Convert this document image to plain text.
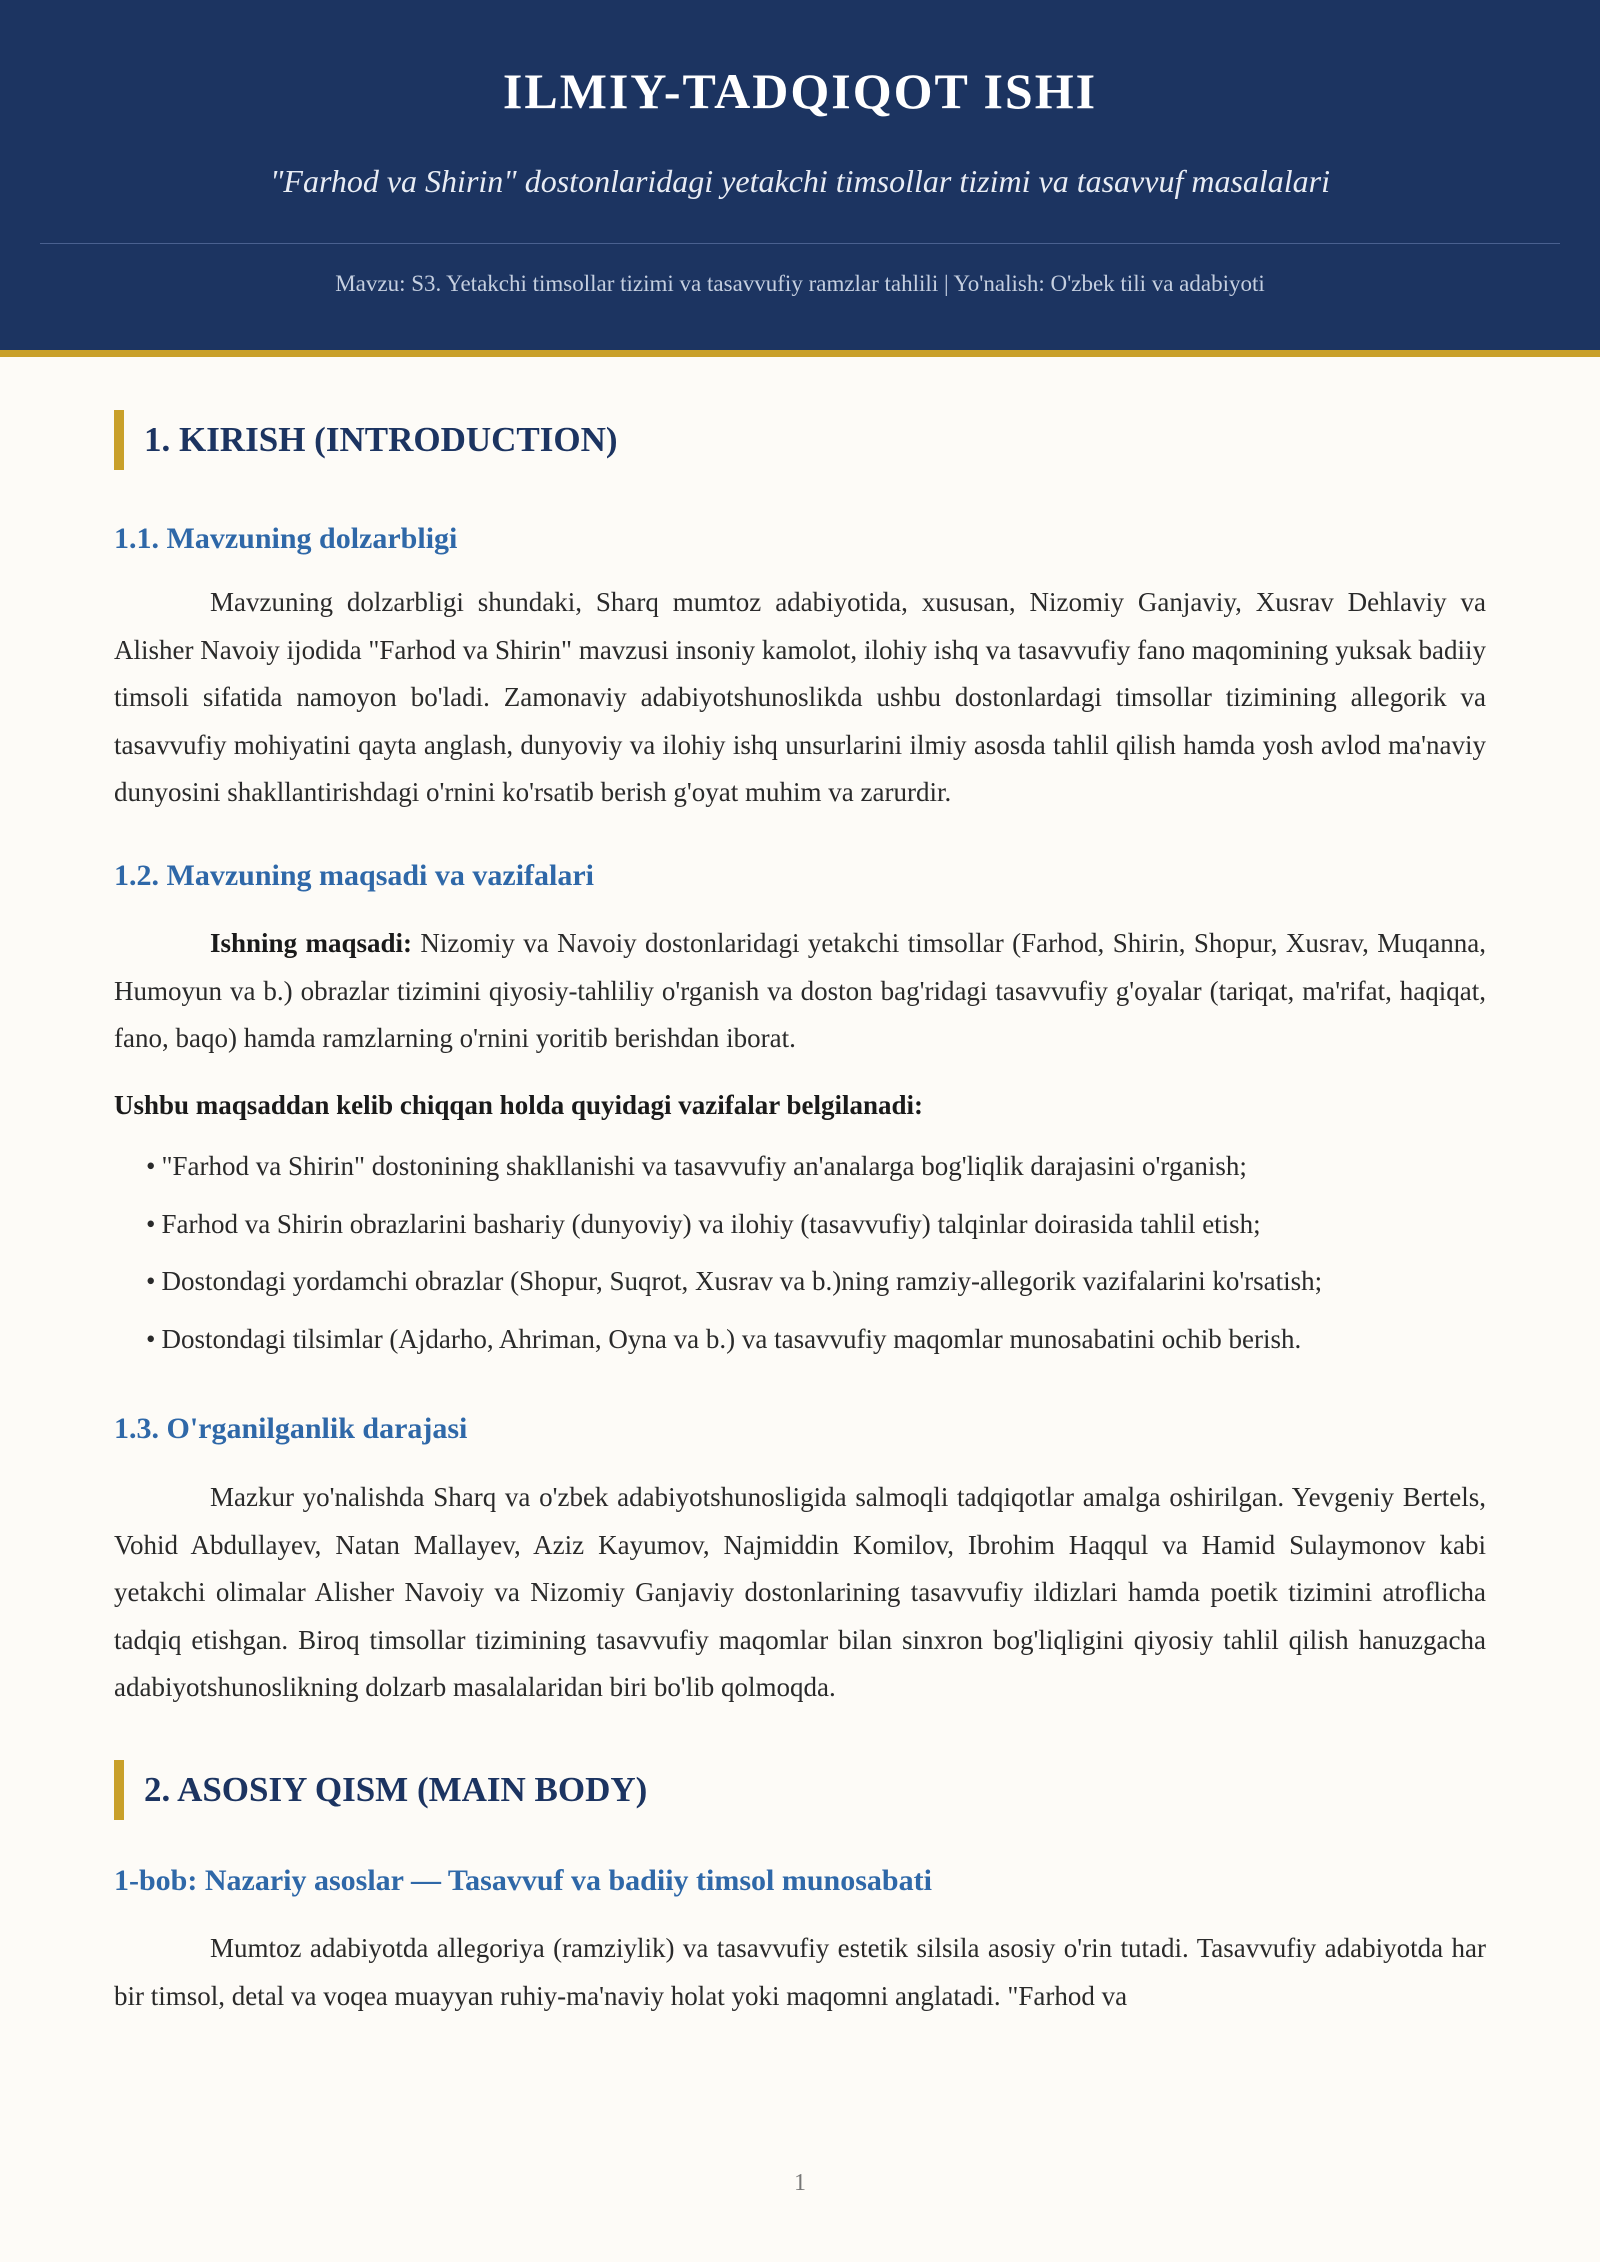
ILMIY-TADQIQOT ISHI
"Farhod va Shirin" dostonlaridagi yetakchi timsollar tizimi va tasavvuf masalalari
Mavzu: S3. Yetakchi timsollar tizimi va tasavvufiy ramzlar tahlili | Yo'nalish: O'zbek tili va adabiyoti
1. KIRISH (INTRODUCTION)
1.1. Mavzuning dolzarbligi

Mavzuning dolzarbligi shundaki, Sharq mumtoz adabiyotida, xususan, Nizomiy Ganjaviy, Xusrav Dehlaviy va Alisher Navoiy ijodida "Farhod va Shirin" mavzusi insoniy kamolot, ilohiy ishq va tasavvufiy fano maqomining yuksak badiiy timsoli sifatida namoyon bo'ladi. Zamonaviy adabiyotshunoslikda ushbu dostonlardagi timsollar tizimining allegorik va tasavvufiy mohiyatini qayta anglash, dunyoviy va ilohiy ishq unsurlarini ilmiy asosda tahlil qilish hamda yosh avlod ma'naviy dunyosini shakllantirishdagi o'rnini ko'rsatib berish g'oyat muhim va zarurdir.

1.2. Mavzuning maqsadi va vazifalari

Ishning maqsadi: Nizomiy va Navoiy dostonlaridagi yetakchi timsollar (Farhod, Shirin, Shopur, Xusrav, Muqanna, Humoyun va b.) obrazlar tizimini qiyosiy-tahliliy o'rganish va doston bag'ridagi tasavvufiy g'oyalar (tariqat, ma'rifat, haqiqat, fano, baqo) hamda ramzlarning o'rnini yoritib berishdan iborat.

Ushbu maqsaddan kelib chiqqan holda quyidagi vazifalar belgilanadi:
• "Farhod va Shirin" dostonining shakllanishi va tasavvufiy an'analarga bog'liqlik darajasini o'rganish;
• Farhod va Shirin obrazlarini bashariy (dunyoviy) va ilohiy (tasavvufiy) talqinlar doirasida tahlil etish;
• Dostondagi yordamchi obrazlar (Shopur, Suqrot, Xusrav va b.)ning ramziy-allegorik vazifalarini ko'rsatish;
• Dostondagi tilsimlar (Ajdarho, Ahriman, Oyna va b.) va tasavvufiy maqomlar munosabatini ochib berish.
1.3. O'rganilganlik darajasi

Mazkur yo'nalishda Sharq va o'zbek adabiyotshunosligida salmoqli tadqiqotlar amalga oshirilgan. Yevgeniy Bertels, Vohid Abdullayev, Natan Mallayev, Aziz Kayumov, Najmiddin Komilov, Ibrohim Haqqul va Hamid Sulaymonov kabi yetakchi olimalar Alisher Navoiy va Nizomiy Ganjaviy dostonlarining tasavvufiy ildizlari hamda poetik tizimini atroflicha tadqiq etishgan. Biroq timsollar tizimining tasavvufiy maqomlar bilan sinxron bog'liqligini qiyosiy tahlil qilish hanuzgacha adabiyotshunoslikning dolzarb masalalaridan biri bo'lib qolmoqda.

2. ASOSIY QISM (MAIN BODY)
1-bob: Nazariy asoslar — Tasavvuf va badiiy timsol munosabati

Mumtoz adabiyotda allegoriya (ramziylik) va tasavvufiy estetik silsila asosiy o'rin tutadi. Tasavvufiy adabiyotda har bir timsol, detal va voqea muayyan ruhiy-ma'naviy holat yoki maqomni anglatadi. "Farhod va

1
